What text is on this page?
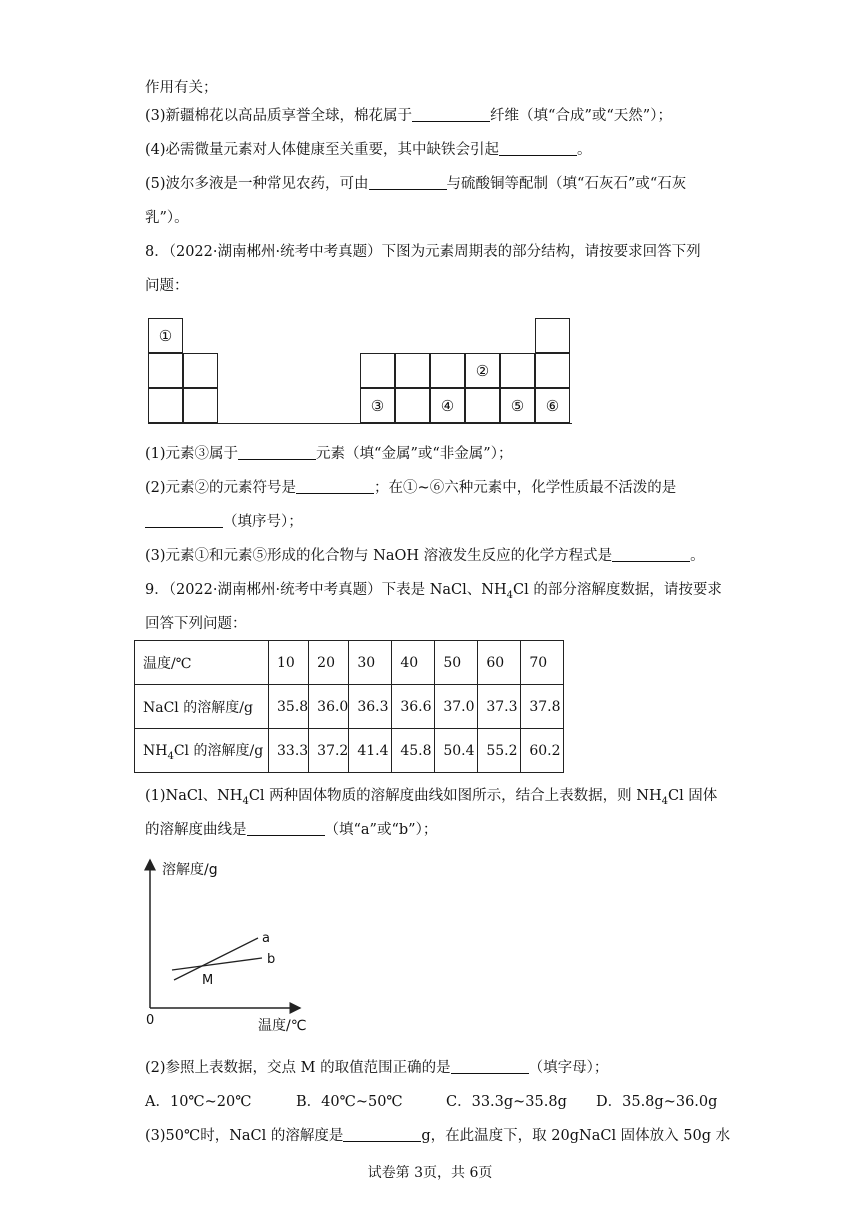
作用有关；
(3)新疆棉花以高品质享誉全球，棉花属于	纤维（填“合成”或“天然”）；
(4)必需微量元素对人体健康至关重要，其中缺铁会引起	。
(5)波尔多液是一种常见农药，可由	与硫酸铜等配制（填“石灰石”或“石灰
乳”）。
8．（2022·湖南郴州·统考中考真题）下图为元素周期表的部分结构，请按要求回答下列
问题：
①
②
③	④	⑤	⑥
(1)元素③属于	元素（填“金属”或“非金属”）；
(2)元素②的元素符号是	；在①~⑥六种元素中，化学性质最不活泼的是
（填序号）；
(3)元素①和元素⑤形成的化合物与 NaOH 溶液发生反应的化学方程式是	。
9．（2022·湖南郴州·统考中考真题）下表是 NaCl、$NH_4Cl$ 的部分溶解度数据，请按要求
回答下列问题：
温度/℃	10	20	30	40	50	60	70
NaCl 的溶解度/g	35.8	36.0	36.3	36.6	37.0	37.3	37.8
$NH_4Cl$ 的溶解度/g	33.3	37.2	41.4	45.8	50.4	55.2	60.2
(1)NaCl、$NH_4Cl$ 两种固体物质的溶解度曲线如图所示，结合上表数据，则 $NH_4Cl$ 固体
的溶解度曲线是	（填“a”或“b”）；
溶解度/g
温度/℃
0
a
b
M
(2)参照上表数据，交点 M 的取值范围正确的是	（填字母）；
A．10℃~20℃	B．40℃~50℃	C．33.3g~35.8g D．35.8g~36.0g
(3)50℃时，NaCl 的溶解度是	g，在此温度下，取 20gNaCl 固体放入 50g 水
试卷第 3页，共 6页
